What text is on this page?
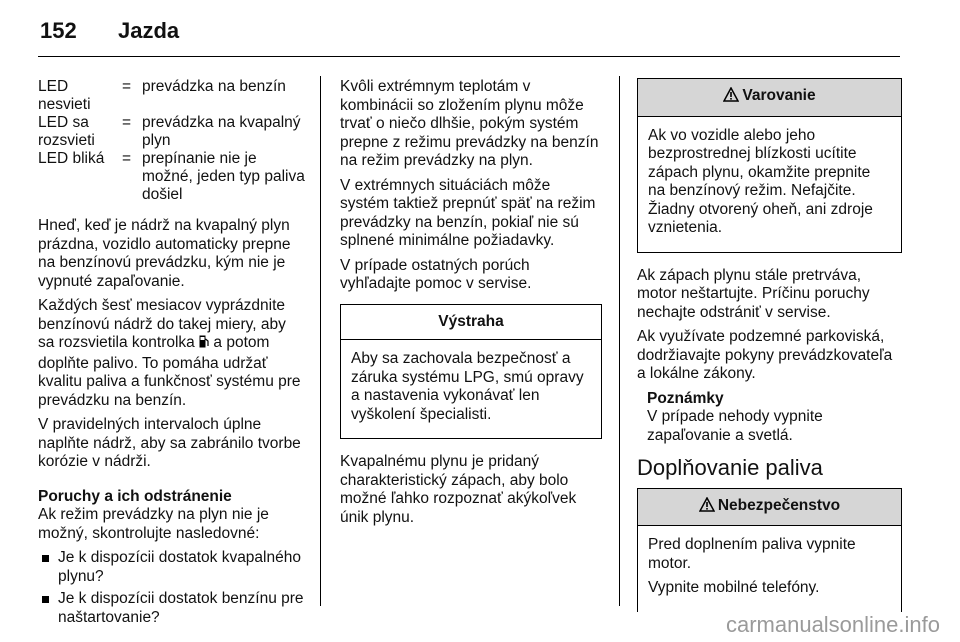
152 Jazda
LED nesvieti	=	prevádzka na benzín
LED sa rozsvieti	=	prevádzka na kvapalný plyn
LED bliká	=	prepínanie nie je možné, jeden typ paliva došiel

Hneď, keď je nádrž na kvapalný plyn prázdna, vozidlo automaticky prepne na benzínovú prevádzku, kým nie je vypnuté zapaľovanie.

Každých šesť mesiacov vyprázdnite benzínovú nádrž do takej miery, aby sa rozsvietila kontrolka a potom doplňte palivo. To pomáha udržať kvalitu paliva a funkčnosť systému pre prevádzku na benzín.

V pravidelných intervaloch úplne naplňte nádrž, aby sa zabránilo tvorbe korózie v nádrži.

Poruchy a ich odstránenie

Ak režim prevádzky na plyn nie je možný, skontrolujte nasledovné:

Je k dispozícii dostatok kvapalného plynu?
Je k dispozícii dostatok benzínu pre naštartovanie?

Kvôli extrémnym teplotám v kombinácii so zložením plynu môže trvať o niečo dlhšie, pokým systém prepne z režimu prevádzky na benzín na režim prevádzky na plyn.

V extrémnych situáciách môže systém taktiež prepnúť späť na režim prevádzky na benzín, pokiaľ nie sú splnené minimálne požiadavky.

V prípade ostatných porúch vyhľadajte pomoc v servise.

Výstraha

Aby sa zachovala bezpečnosť a záruka systému LPG, smú opravy a nastavenia vykonávať len vyškolení špecialisti.

Kvapalnému plynu je pridaný charakteristický zápach, aby bolo možné ľahko rozpoznať akýkoľvek únik plynu.

Varovanie

Ak vo vozidle alebo jeho bezprostrednej blízkosti ucítite zápach plynu, okamžite prepnite na benzínový režim. Nefajčite. Žiadny otvorený oheň, ani zdroje vznietenia.

Ak zápach plynu stále pretrváva, motor neštartujte. Príčinu poruchy nechajte odstrániť v servise.

Ak využívate podzemné parkoviská, dodržiavajte pokyny prevádzkovateľa a lokálne zákony.

Poznámky
V prípade nehody vypnite zapaľovanie a svetlá.

Doplňovanie paliva

Nebezpečenstvo

Pred doplnením paliva vypnite motor.

Vypnite mobilné telefóny.

carmanualsonline.info
